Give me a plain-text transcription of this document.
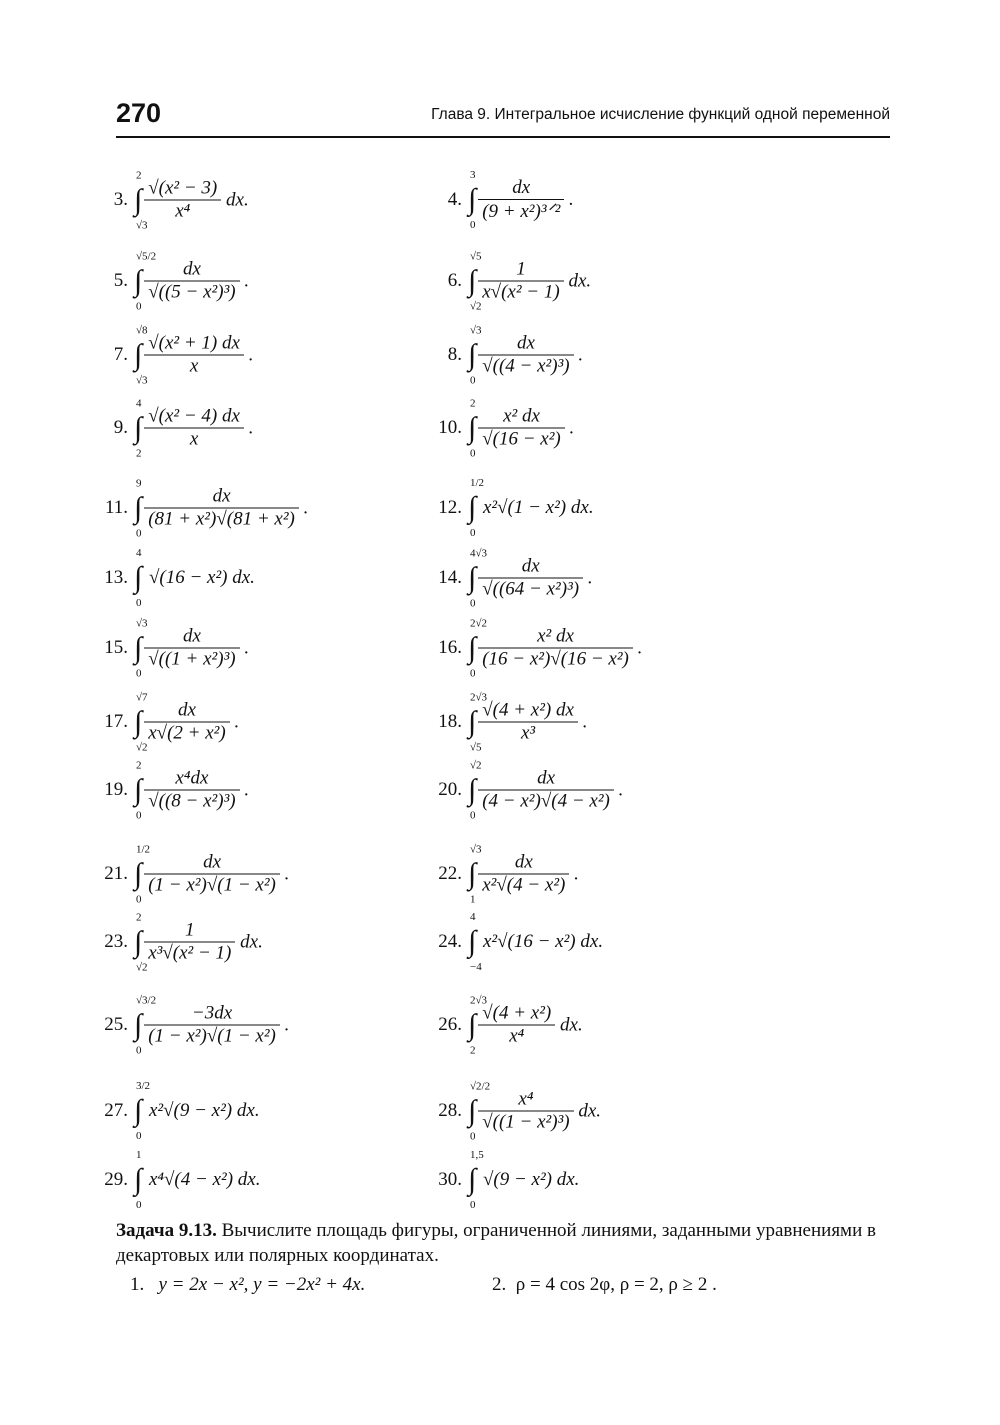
270	Глава 9. Интегральное исчисление функций одной переменной
3. ∫
2
√3
$\frac{\text{√(x² − 3)}}{\text{x⁴}}$ dx.	4. ∫
3
0
$\frac{dx}{\text{(9 + x²)³ᐟ²}}$ .
5. ∫
√5/2
0
$\frac{dx}{\text{√((5 − x²)³)}}$ .	6. ∫
√5
√2
$\frac{1}{\text{x√(x² − 1)}}$ dx.
7. ∫
√8
√3
$\frac{\text{√(x² + 1) dx}}{x}$ .	8. ∫
√3
0
$\frac{dx}{\text{√((4 − x²)³)}}$ .
9. ∫
4
2
$\frac{\text{√(x² − 4) dx}}{x}$ .	10. ∫
2
0
$\frac{\text{x² dx}}{\text{√(16 − x²)}}$ .
11. ∫
9
0
$\frac{dx}{\text{(81 + x²)√(81 + x²)}}$ .	12. ∫
1/2
0
x²√(1 − x²) dx.
13. ∫
4
0
√(16 − x²) dx.	14. ∫
4√3
0
$\frac{dx}{\text{√((64 − x²)³)}}$ .
15. ∫
√3
0
$\frac{dx}{\text{√((1 + x²)³)}}$ .	16. ∫
2√2
0
$\frac{\text{x² dx}}{\text{(16 − x²)√(16 − x²)}}$ .
17. ∫
√7
√2
$\frac{dx}{\text{x√(2 + x²)}}$ .	18. ∫
2√3
√5
$\frac{\text{√(4 + x²) dx}}{\text{x³}}$ .
19. ∫
2
0
$\frac{\text{x⁴dx}}{\text{√((8 − x²)³)}}$ .	20. ∫
√2
0
$\frac{dx}{\text{(4 − x²)√(4 − x²)}}$ .
21. ∫
1/2
0
$\frac{dx}{\text{(1 − x²)√(1 − x²)}}$ .	22. ∫
√3
1
$\frac{dx}{\text{x²√(4 − x²)}}$ .
23. ∫
2
√2
$\frac{1}{\text{x³√(x² − 1)}}$ dx.	24. ∫
4
−4
x²√(16 − x²) dx.
25. ∫
√3/2
0
$\frac{-3dx}{\text{(1 − x²)√(1 − x²)}}$ .	26. ∫
2√3
2
$\frac{\text{√(4 + x²)}}{\text{x⁴}}$ dx.
27. ∫
3/2
0
x²√(9 − x²) dx.	28. ∫
√2/2
0
$\frac{\text{x⁴}}{\text{√((1 − x²)³)}}$ dx.
29. ∫
1
0
x⁴√(4 − x²) dx.	30. ∫
1,5
0
√(9 − x²) dx.
Задача 9.13. Вычислите площадь фигуры, ограниченной линиями, заданными уравнениями в декартовых или полярных координатах.
1. y = 2x − x², y = −2x² + 4x.	2. ρ = 4 cos 2φ, ρ = 2, ρ ≥ 2 .
